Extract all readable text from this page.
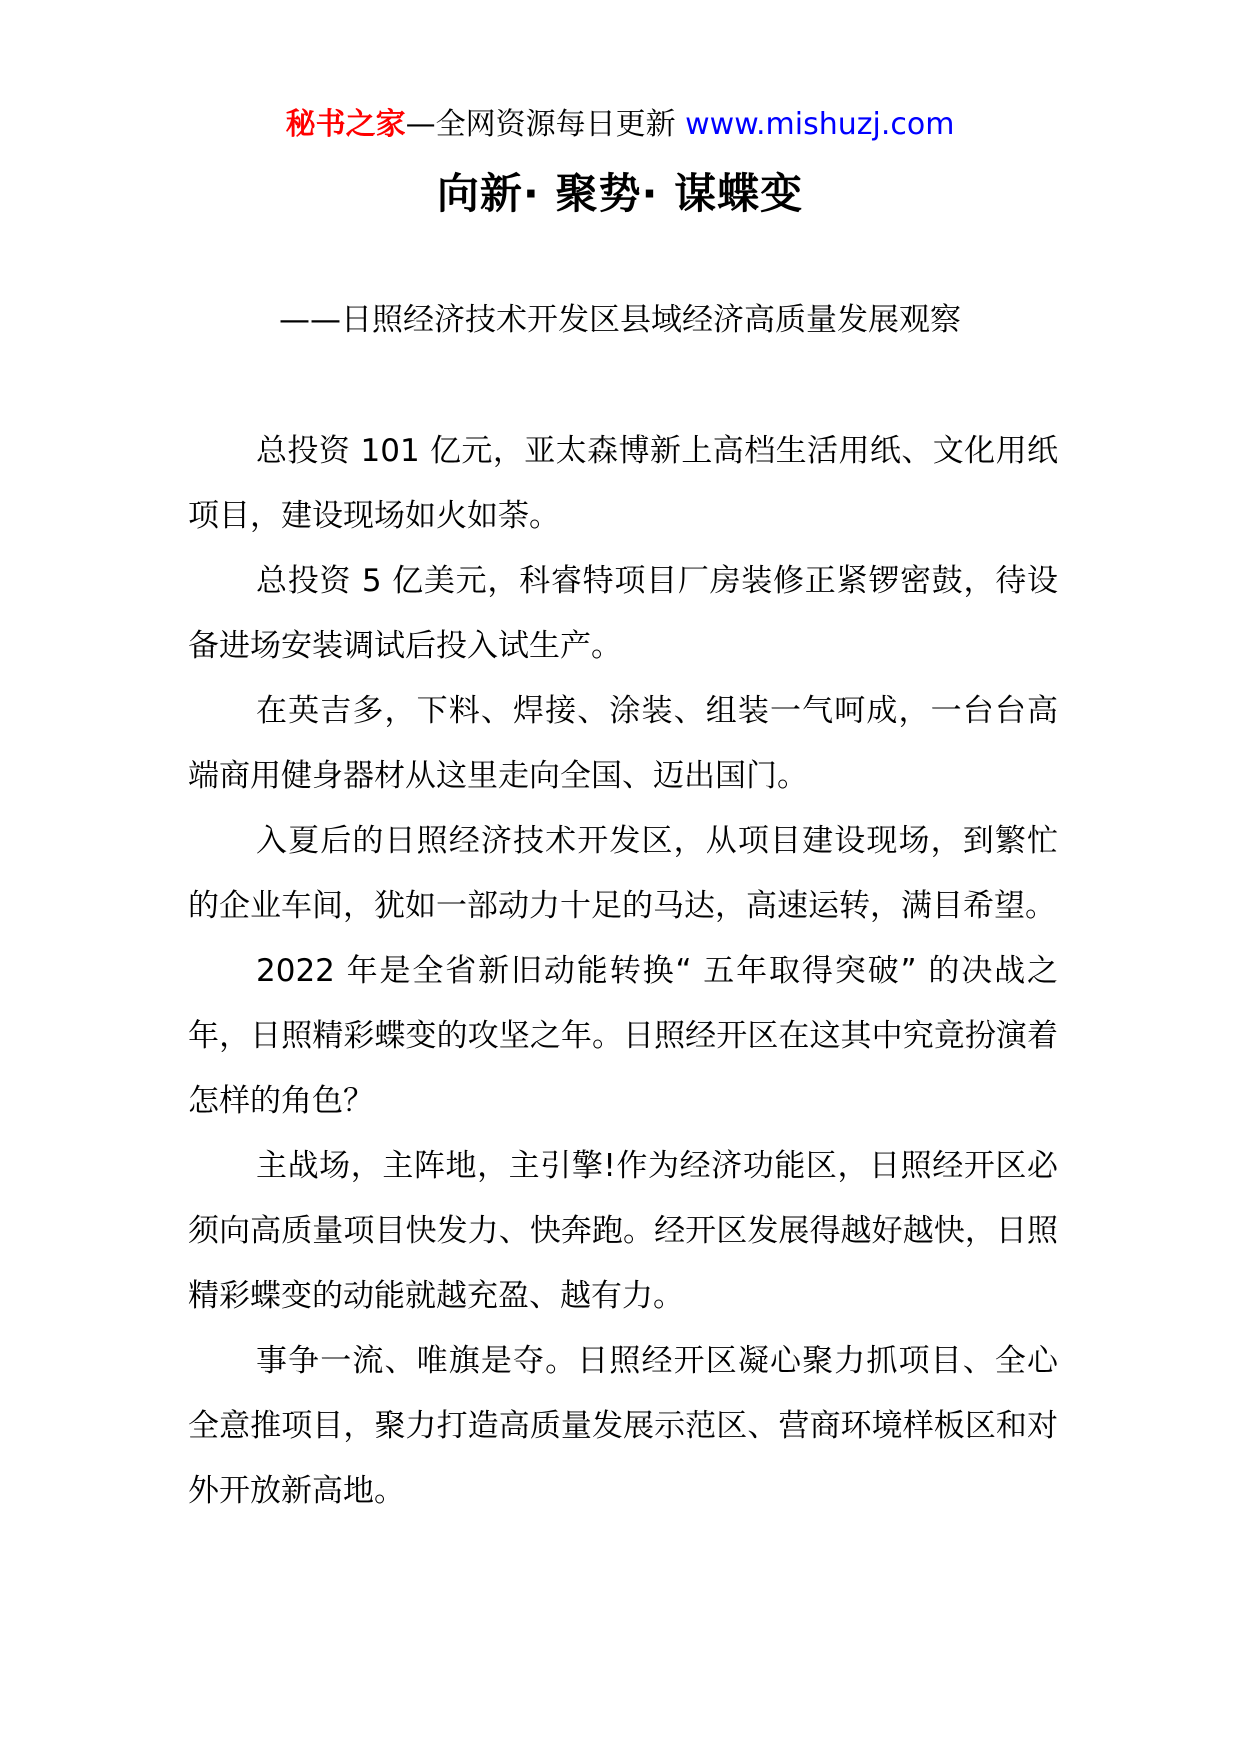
秘书之家—全网资源每日更新 www.mishuzj.com
向新· 聚势· 谋蝶变
——日照经济技术开发区县域经济高质量发展观察

总投资 101 亿元，亚太森博新上高档生活用纸、文化用纸项目，建设现场如火如荼。

总投资 5 亿美元，科睿特项目厂房装修正紧锣密鼓，待设备进场安装调试后投入试生产。

在英吉多，下料、焊接、涂装、组装一气呵成，一台台高端商用健身器材从这里走向全国、迈出国门。

入夏后的日照经济技术开发区，从项目建设现场，到繁忙的企业车间，犹如一部动力十足的马达，高速运转，满目希望。

2022 年是全省新旧动能转换“ 五年取得突破” 的决战之年，日照精彩蝶变的攻坚之年。日照经开区在这其中究竟扮演着怎样的角色？

主战场，主阵地，主引擎!作为经济功能区，日照经开区必须向高质量项目快发力、快奔跑。经开区发展得越好越快，日照精彩蝶变的动能就越充盈、越有力。

事争一流、唯旗是夺。日照经开区凝心聚力抓项目、全心全意推项目，聚力打造高质量发展示范区、营商环境样板区和对外开放新高地。
